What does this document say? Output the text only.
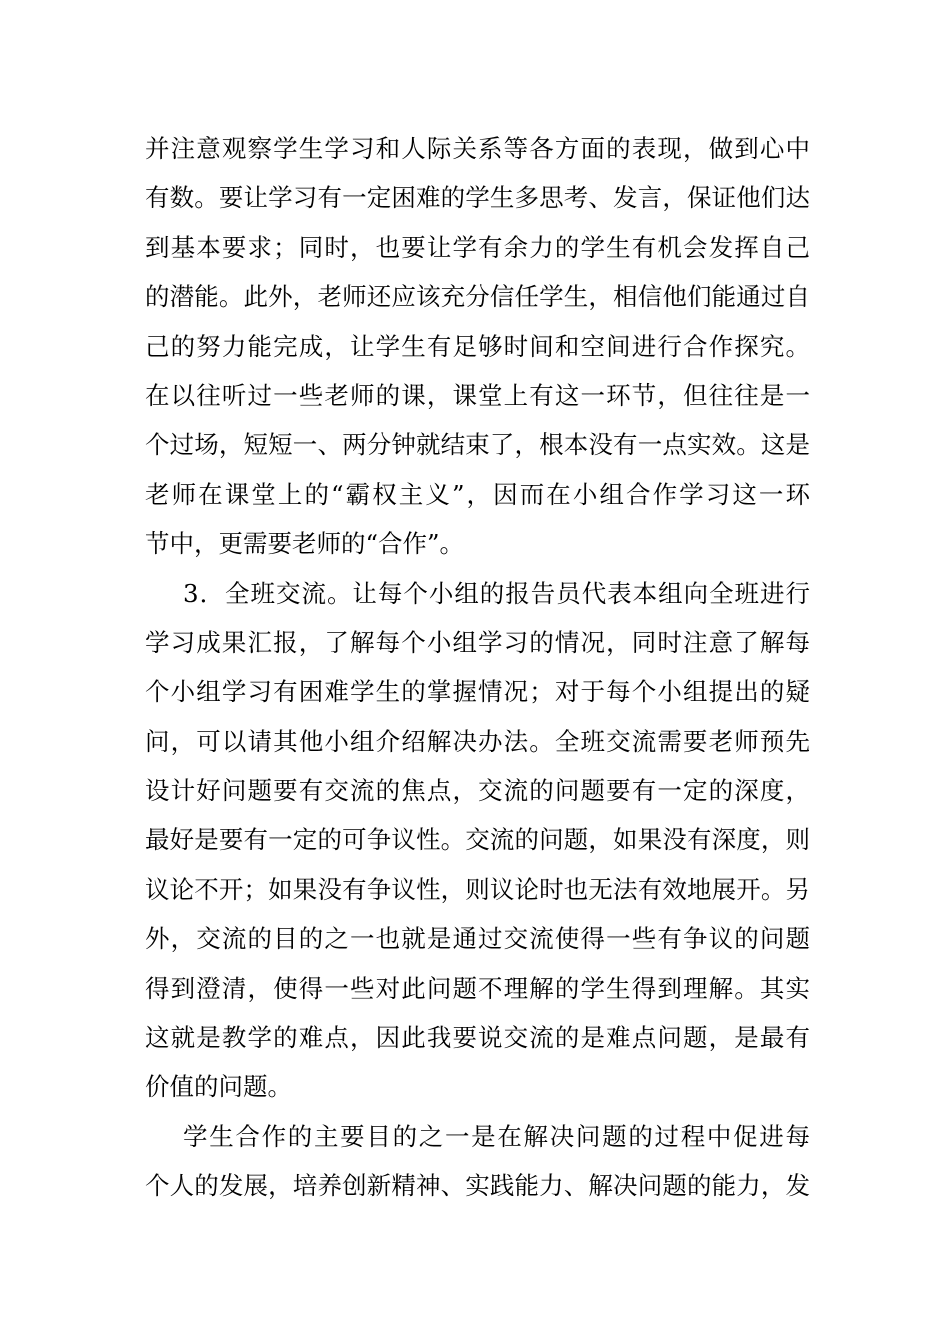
并注意观察学生学习和人际关系等各方面的表现，做到心中
有数。要让学习有一定困难的学生多思考、发言，保证他们达
到基本要求；同时，也要让学有余力的学生有机会发挥自己
的潜能。此外，老师还应该充分信任学生，相信他们能通过自
己的努力能完成，让学生有足够时间和空间进行合作探究。
在以往听过一些老师的课，课堂上有这一环节，但往往是一
个过场，短短一、两分钟就结束了，根本没有一点实效。这是
老师在课堂上的“霸权主义”，因而在小组合作学习这一环
节中，更需要老师的“合作”。
3．全班交流。让每个小组的报告员代表本组向全班进行
学习成果汇报，了解每个小组学习的情况，同时注意了解每
个小组学习有困难学生的掌握情况；对于每个小组提出的疑
问，可以请其他小组介绍解决办法。全班交流需要老师预先
设计好问题要有交流的焦点，交流的问题要有一定的深度，
最好是要有一定的可争议性。交流的问题，如果没有深度，则
议论不开；如果没有争议性，则议论时也无法有效地展开。另
外，交流的目的之一也就是通过交流使得一些有争议的问题
得到澄清，使得一些对此问题不理解的学生得到理解。其实
这就是教学的难点，因此我要说交流的是难点问题，是最有
价值的问题。
学生合作的主要目的之一是在解决问题的过程中促进每
个人的发展，培养创新精神、实践能力、解决问题的能力，发
